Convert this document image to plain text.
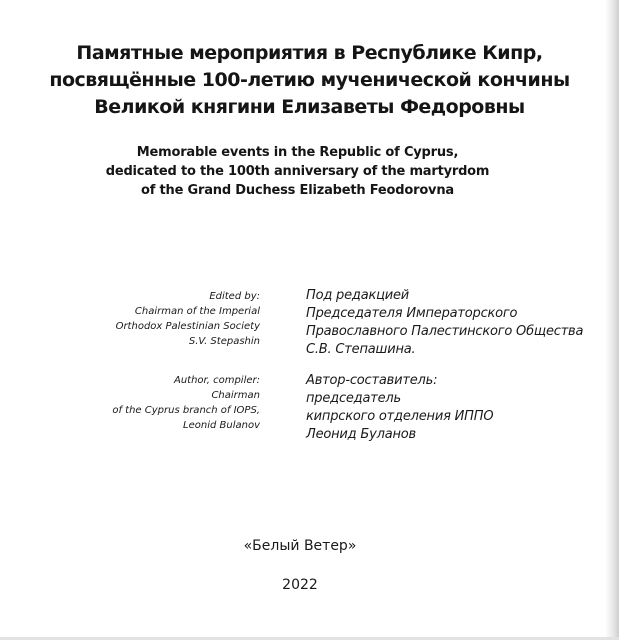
Памятные мероприятия в Республике Кипр,
посвящённые 100-летию мученической кончины
Великой княгини Елизаветы Федоровны
Memorable events in the Republic of Cyprus,
dedicated to the 100th anniversary of the martyrdom
of the Grand Duchess Elizabeth Feodorovna
Edited by:
Chairman of the Imperial
Orthodox Palestinian Society
S.V. Stepashin
Под редакцией
Председателя Императорского
Православного Палестинского Общества
С.В. Степашина.
Author, compiler:
Chairman
of the Cyprus branch of IOPS,
Leonid Bulanov
Автор-составитель:
председатель
кипрского отделения ИППО
Леонид Буланов
«Белый Ветер»
2022
